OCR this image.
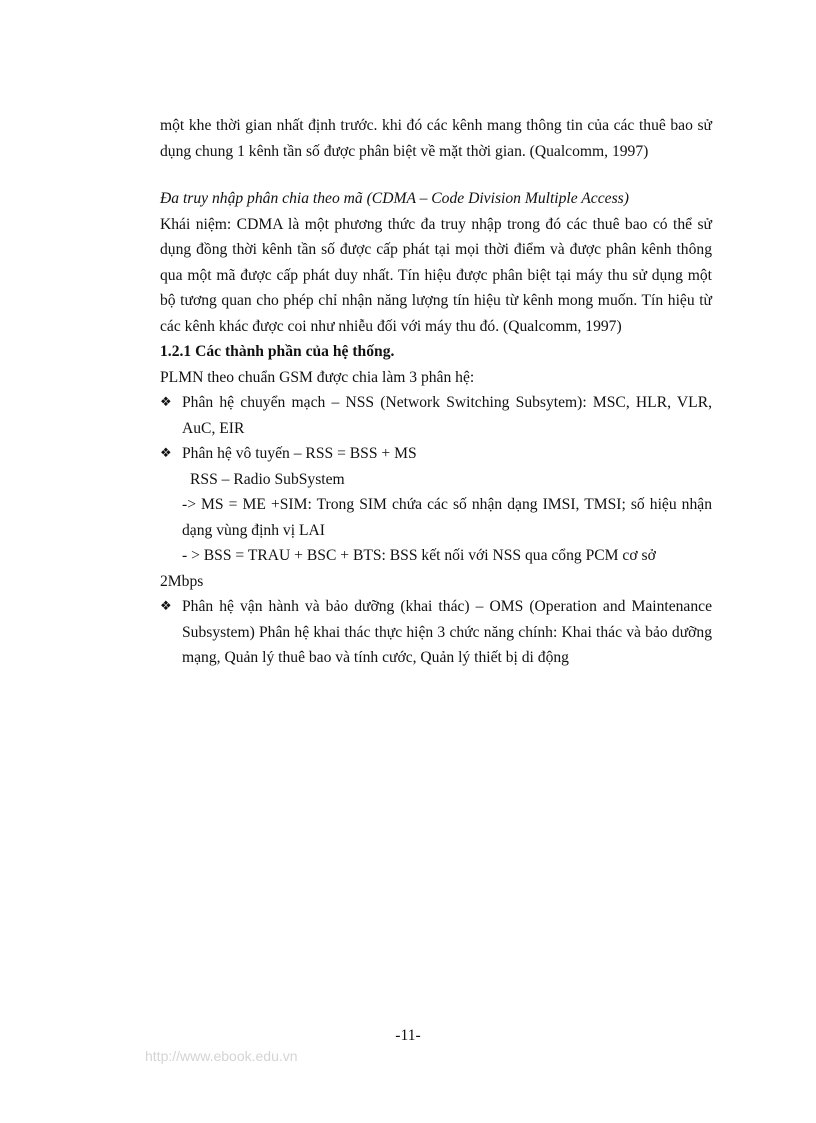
một khe thời gian nhất định trước. khi đó các kênh mang thông tin của các thuê bao sử dụng chung 1 kênh tần số được phân biệt về mặt thời gian. (Qualcomm, 1997)

Đa truy nhập phân chia theo mã (CDMA – Code Division Multiple Access)

Khái niệm: CDMA là một phương thức đa truy nhập trong đó các thuê bao có thể sử dụng đồng thời kênh tần số được cấp phát tại mọi thời điểm và được phân kênh thông qua một mã được cấp phát duy nhất. Tín hiệu được phân biệt tại máy thu sử dụng một bộ tương quan cho phép chỉ nhận năng lượng tín hiệu từ kênh mong muốn. Tín hiệu từ các kênh khác được coi như nhiễu đối với máy thu đó. (Qualcomm, 1997)

1.2.1 Các thành phần của hệ thống.

PLMN theo chuẩn GSM được chia làm 3 phân hệ:

❖ Phân hệ chuyển mạch – NSS (Network Switching Subsytem): MSC, HLR, VLR, AuC, EIR
❖ Phân hệ vô tuyến – RSS = BSS + MS

RSS – Radio SubSystem

-> MS = ME +SIM: Trong SIM chứa các số nhận dạng IMSI, TMSI; số hiệu nhận dạng vùng định vị LAI

- > BSS = TRAU + BSC + BTS: BSS kết nối với NSS qua cổng PCM cơ sở

2Mbps

❖ Phân hệ vận hành và bảo dưỡng (khai thác) – OMS (Operation and Maintenance Subsystem) Phân hệ khai thác thực hiện 3 chức năng chính: Khai thác và bảo dưỡng mạng, Quản lý thuê bao và tính cước, Quản lý thiết bị di động
-11-
http://www.ebook.edu.vn
